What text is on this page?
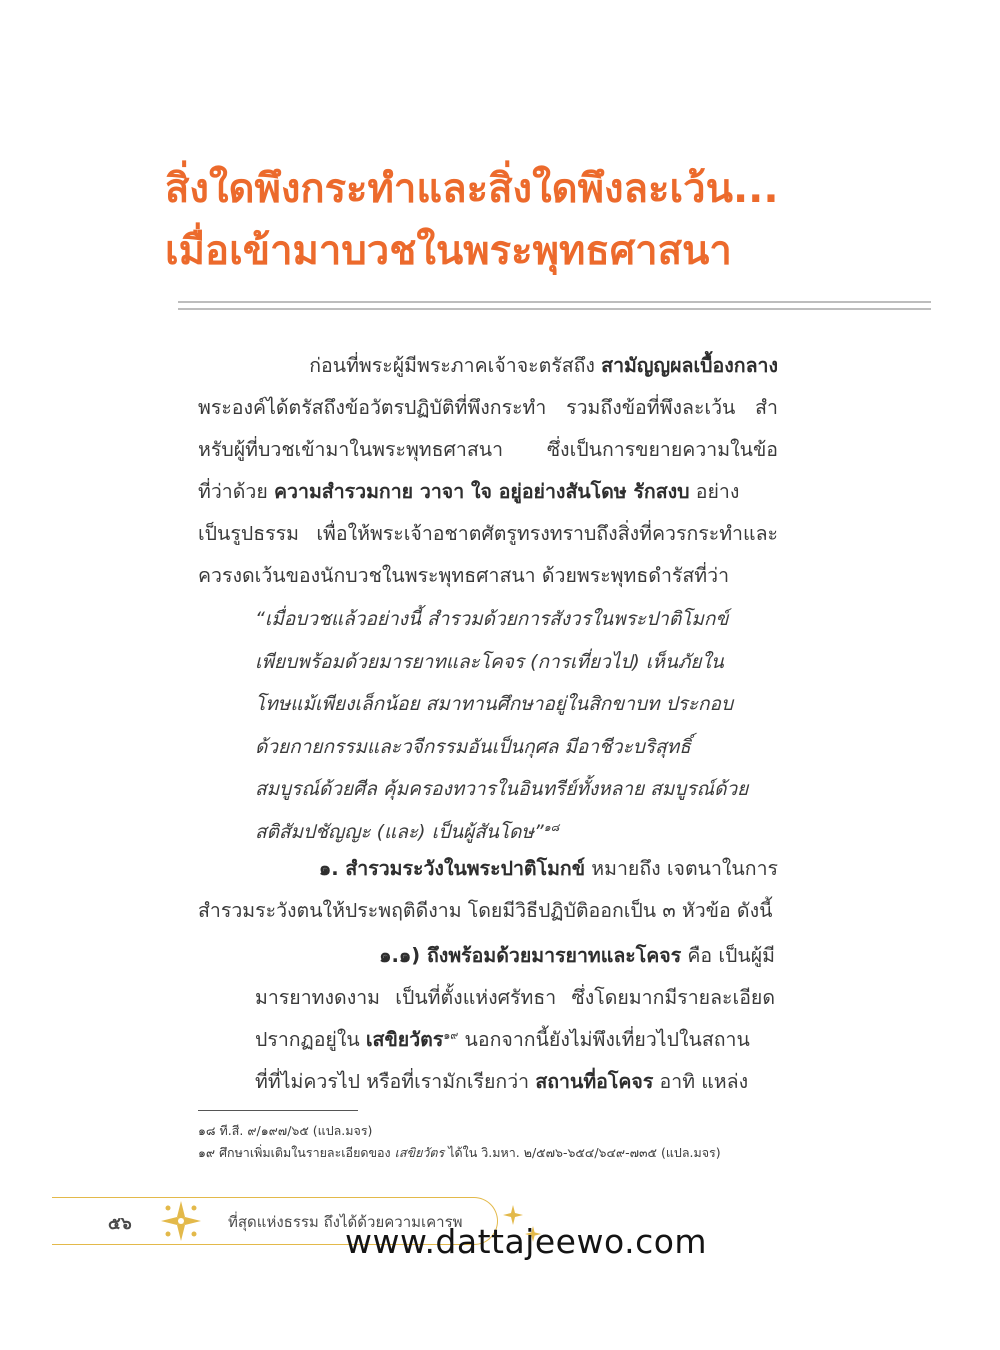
สิ่งใดพึงกระทำและสิ่งใดพึงละเว้น...
เมื่อเข้ามาบวชในพระพุทธศาสนา
ก่อนที่พระผู้มีพระภาคเจ้าจะตรัสถึง สามัญญผลเบื้องกลาง
พระองค์ได้ตรัสถึงข้อวัตรปฏิบัติที่พึงกระทำ รวมถึงข้อที่พึงละเว้น สำ
หรับผู้ที่บวชเข้ามาในพระพุทธศาสนา ซึ่งเป็นการขยายความในข้อ
ที่ว่าด้วย ความสำรวมกาย วาจา ใจ อยู่อย่างสันโดษ รักสงบ อย่าง
เป็นรูปธรรม เพื่อให้พระเจ้าอชาตศัตรูทรงทราบถึงสิ่งที่ควรกระทำและ
ควรงดเว้นของนักบวชในพระพุทธศาสนา ด้วยพระพุทธดำรัสที่ว่า
“เมื่อบวชแล้วอย่างนี้ สำรวมด้วยการสังวรในพระปาติโมกข์
เพียบพร้อมด้วยมารยาทและโคจร (การเที่ยวไป) เห็นภัยใน
โทษแม้เพียงเล็กน้อย สมาทานศึกษาอยู่ในสิกขาบท ประกอบ
ด้วยกายกรรมและวจีกรรมอันเป็นกุศล มีอาชีวะบริสุทธิ์
สมบูรณ์ด้วยศีล คุ้มครองทวารในอินทรีย์ทั้งหลาย สมบูรณ์ด้วย
สติสัมปชัญญะ (และ) เป็นผู้สันโดษ”$^{๑๘}$
๑. สำรวมระวังในพระปาติโมกข์ หมายถึง เจตนาในการ
สำรวมระวังตนให้ประพฤติดีงาม โดยมีวิธีปฏิบัติออกเป็น ๓ หัวข้อ ดังนี้
๑.๑) ถึงพร้อมด้วยมารยาทและโคจร คือ เป็นผู้มี
มารยาทงดงาม เป็นที่ตั้งแห่งศรัทธา ซึ่งโดยมากมีรายละเอียด
ปรากฏอยู่ใน เสขิยวัตร$^{๑๙}$ นอกจากนี้ยังไม่พึงเที่ยวไปในสถาน
ที่ที่ไม่ควรไป หรือที่เรามักเรียกว่า สถานที่อโคจร อาทิ แหล่ง
๑๘ ที.สี. ๙/๑๙๗/๖๕ (แปล.มจร)
๑๙ ศึกษาเพิ่มเติมในรายละเอียดของ เสขิยวัตร ได้ใน วิ.มหา. ๒/๕๗๖-๖๕๔/๖๔๙-๗๓๕ (แปล.มจร)
๕๖	ที่สุดแห่งธรรม ถึงได้ด้วยความเคารพ
www.dattajeewo.com
